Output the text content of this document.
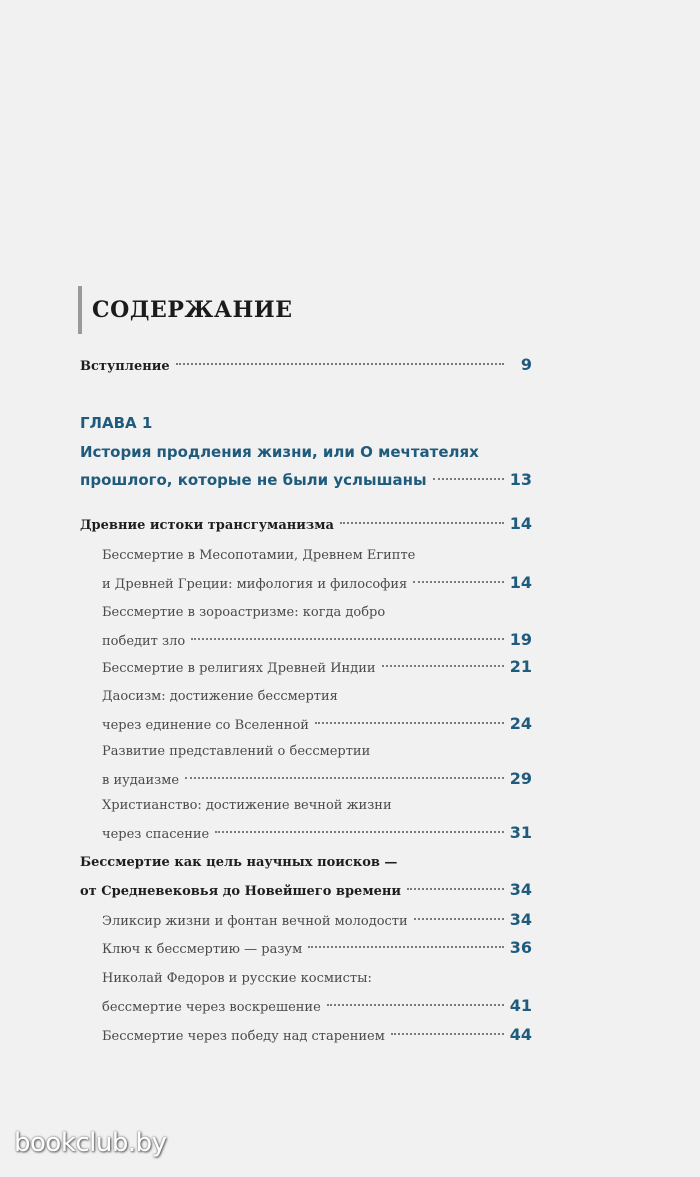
СОДЕРЖАНИЕ
Вступление	9
ГЛАВА 1
История продления жизни, или О мечтателях
прошлого, которые не были услышаны	13
Древние истоки трансгуманизма	14
Бессмертие в Месопотамии, Древнем Египте
и Древней Греции: мифология и философия	14
Бессмертие в зороастризме: когда добро
победит зло	19
Бессмертие в религиях Древней Индии	21
Даосизм: достижение бессмертия
через единение со Вселенной	24
Развитие представлений о бессмертии
в иудаизме	29
Христианство: достижение вечной жизни
через спасение	31
Бессмертие как цель научных поисков —
от Средневековья до Новейшего времени	34
Эликсир жизни и фонтан вечной молодости	34
Ключ к бессмертию — разум	36
Николай Федоров и русские космисты:
бессмертие через воскрешение	41
Бессмертие через победу над старением	44
bookclub.by
